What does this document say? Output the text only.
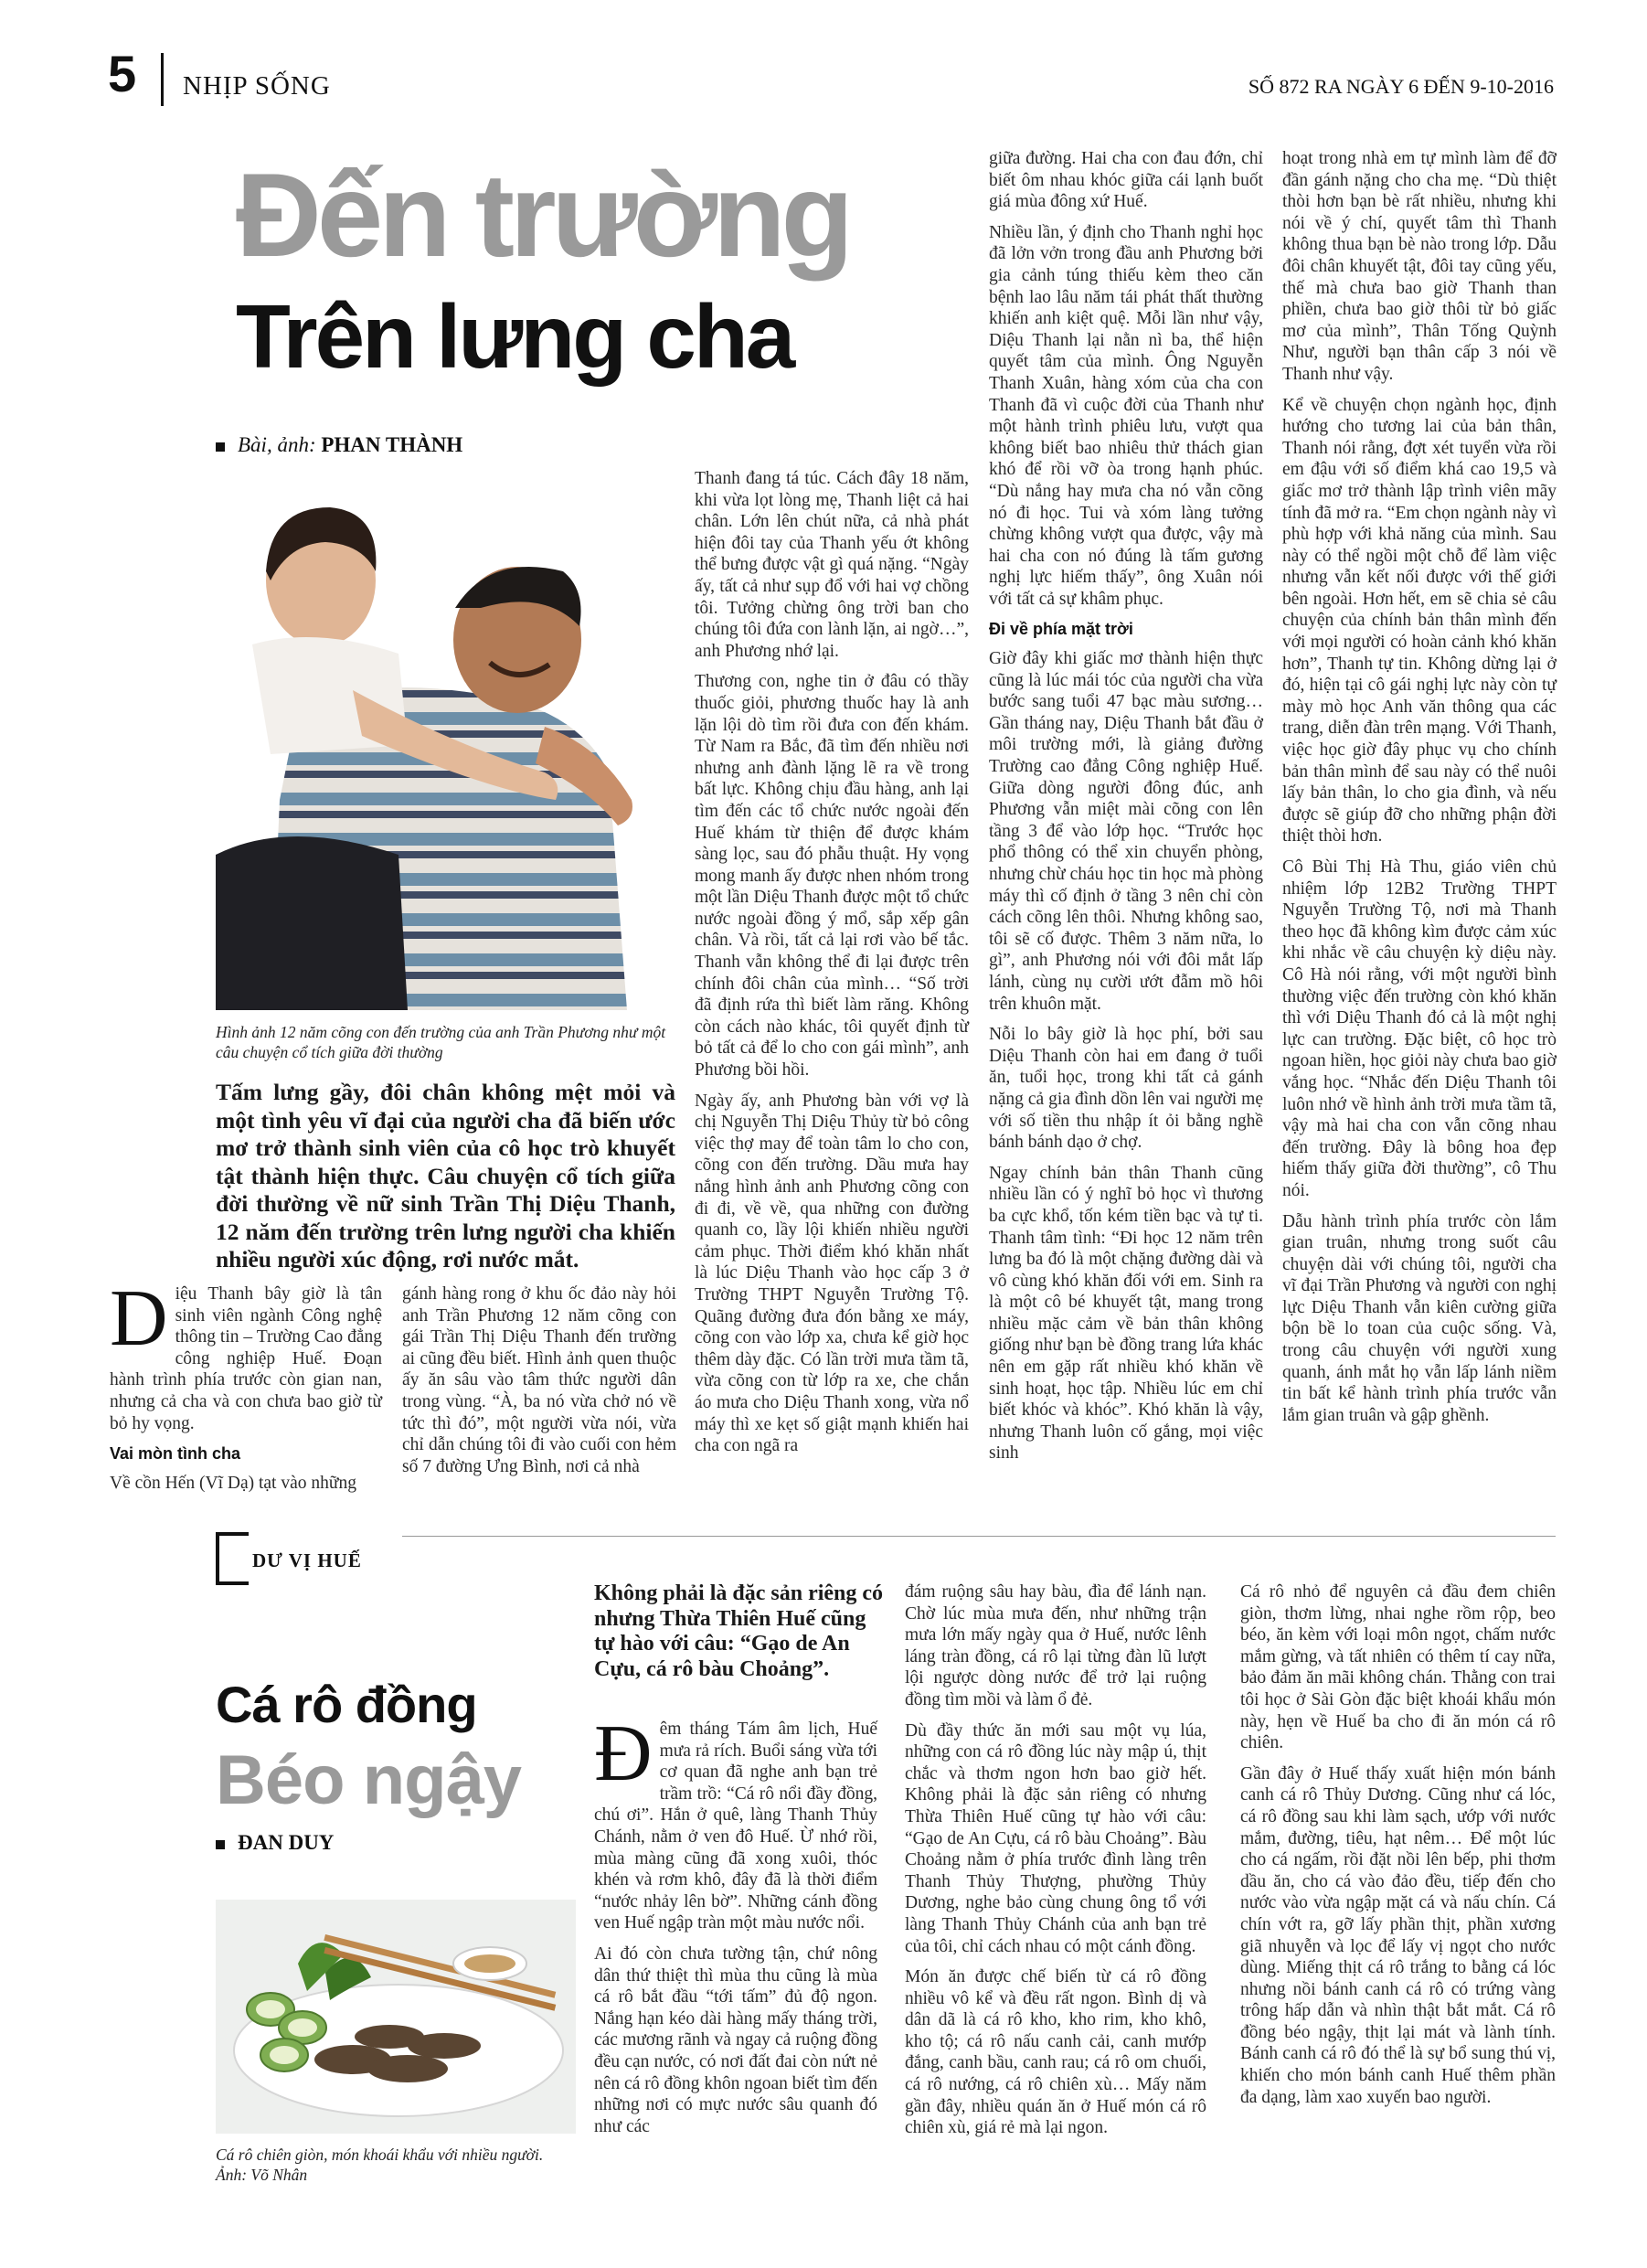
5 NHỊP SỐNG	SỐ 872 RA NGÀY 6 ĐẾN 9-10-2016
Đến trường
Trên lưng cha
Bài, ảnh: PHAN THÀNH
Hình ảnh 12 năm cõng con đến trường của anh Trần Phương như một câu chuyện cổ tích giữa đời thường
Tấm lưng gầy, đôi chân không mệt mỏi và một tình yêu vĩ đại của người cha đã biến ước mơ trở thành sinh viên của cô học trò khuyết tật thành hiện thực. Câu chuyện cổ tích giữa đời thường về nữ sinh Trần Thị Diệu Thanh, 12 năm đến trường trên lưng người cha khiến nhiều người xúc động, rơi nước mắt.

Diệu Thanh bây giờ là tân sinh viên ngành Công nghệ thông tin – Trường Cao đẳng công nghiệp Huế. Đoạn hành trình phía trước còn gian nan, nhưng cả cha và con chưa bao giờ từ bỏ hy vọng.

Vai mòn tình cha

Về cồn Hến (Vĩ Dạ) tạt vào những

gánh hàng rong ở khu ốc đảo này hỏi anh Trần Phương 12 năm cõng con gái Trần Thị Diệu Thanh đến trường ai cũng đều biết. Hình ảnh quen thuộc ấy ăn sâu vào tâm thức người dân trong vùng. “À, ba nó vừa chở nó về tức thì đó”, một người vừa nói, vừa chỉ dẫn chúng tôi đi vào cuối con hẻm số 7 đường Ưng Bình, nơi cả nhà

Thanh đang tá túc. Cách đây 18 năm, khi vừa lọt lòng mẹ, Thanh liệt cả hai chân. Lớn lên chút nữa, cả nhà phát hiện đôi tay của Thanh yếu ớt không thể bưng được vật gì quá nặng. “Ngày ấy, tất cả như sụp đổ với hai vợ chồng tôi. Tưởng chừng ông trời ban cho chúng tôi đứa con lành lặn, ai ngờ…”, anh Phương nhớ lại.

Thương con, nghe tin ở đâu có thầy thuốc giỏi, phương thuốc hay là anh lặn lội dò tìm rồi đưa con đến khám. Từ Nam ra Bắc, đã tìm đến nhiều nơi nhưng anh đành lặng lẽ ra về trong bất lực. Không chịu đầu hàng, anh lại tìm đến các tổ chức nước ngoài đến Huế khám từ thiện để được khám sàng lọc, sau đó phẫu thuật. Hy vọng mong manh ấy được nhen nhóm trong một lần Diệu Thanh được một tổ chức nước ngoài đồng ý mổ, sắp xếp gân chân. Và rồi, tất cả lại rơi vào bế tắc. Thanh vẫn không thể đi lại được trên chính đôi chân của mình… “Số trời đã định rứa thì biết làm răng. Không còn cách nào khác, tôi quyết định từ bỏ tất cả để lo cho con gái mình”, anh Phương bồi hồi.

Ngày ấy, anh Phương bàn với vợ là chị Nguyễn Thị Diệu Thủy từ bỏ công việc thợ may để toàn tâm lo cho con, cõng con đến trường. Dầu mưa hay nắng hình ảnh anh Phương cõng con đi đi, về về, qua những con đường quanh co, lầy lội khiến nhiều người cảm phục. Thời điểm khó khăn nhất là lúc Diệu Thanh vào học cấp 3 ở Trường THPT Nguyễn Trường Tộ. Quãng đường đưa đón bằng xe máy, cõng con vào lớp xa, chưa kể giờ học thêm dày đặc. Có lần trời mưa tầm tã, vừa cõng con từ lớp ra xe, che chắn áo mưa cho Diệu Thanh xong, vừa nổ máy thì xe kẹt số giật mạnh khiến hai cha con ngã ra

giữa đường. Hai cha con đau đớn, chỉ biết ôm nhau khóc giữa cái lạnh buốt giá mùa đông xứ Huế.

Nhiều lần, ý định cho Thanh nghỉ học đã lởn vởn trong đầu anh Phương bởi gia cảnh túng thiếu kèm theo căn bệnh lao lâu năm tái phát thất thường khiến anh kiệt quệ. Mỗi lần như vậy, Diệu Thanh lại nằn nì ba, thể hiện quyết tâm của mình. Ông Nguyễn Thanh Xuân, hàng xóm của cha con Thanh đã vì cuộc đời của Thanh như một hành trình phiêu lưu, vượt qua không biết bao nhiêu thử thách gian khó để rồi vỡ òa trong hạnh phúc. “Dù nắng hay mưa cha nó vẫn cõng nó đi học. Tui và xóm làng tưởng chừng không vượt qua được, vậy mà hai cha con nó đúng là tấm gương nghị lực hiếm thấy”, ông Xuân nói với tất cả sự khâm phục.

Đi về phía mặt trời

Giờ đây khi giấc mơ thành hiện thực cũng là lúc mái tóc của người cha vừa bước sang tuổi 47 bạc màu sương… Gần tháng nay, Diệu Thanh bắt đầu ở môi trường mới, là giảng đường Trường cao đẳng Công nghiệp Huế. Giữa dòng người đông đúc, anh Phương vẫn miệt mài cõng con lên tầng 3 để vào lớp học. “Trước học phổ thông có thể xin chuyển phòng, nhưng chừ cháu học tin học mà phòng máy thì cố định ở tầng 3 nên chỉ còn cách cõng lên thôi. Nhưng không sao, tôi sẽ cố được. Thêm 3 năm nữa, lo gì”, anh Phương nói với đôi mắt lấp lánh, cùng nụ cười ướt đẫm mồ hôi trên khuôn mặt.

Nỗi lo bây giờ là học phí, bởi sau Diệu Thanh còn hai em đang ở tuổi ăn, tuổi học, trong khi tất cả gánh nặng cả gia đình dồn lên vai người mẹ với số tiền thu nhập ít ỏi bằng nghề bánh bánh dạo ở chợ.

Ngay chính bản thân Thanh cũng nhiều lần có ý nghĩ bỏ học vì thương ba cực khổ, tốn kém tiền bạc và tự ti. Thanh tâm tình: “Đi học 12 năm trên lưng ba đó là một chặng đường dài và vô cùng khó khăn đối với em. Sinh ra là một cô bé khuyết tật, mang trong nhiều mặc cảm về bản thân không giống như bạn bè đồng trang lứa khác nên em gặp rất nhiều khó khăn về sinh hoạt, học tập. Nhiều lúc em chỉ biết khóc và khóc”. Khó khăn là vậy, nhưng Thanh luôn cố gắng, mọi việc sinh

hoạt trong nhà em tự mình làm để đỡ đần gánh nặng cho cha mẹ. “Dù thiệt thòi hơn bạn bè rất nhiều, nhưng khi nói về ý chí, quyết tâm thì Thanh không thua bạn bè nào trong lớp. Dẫu đôi chân khuyết tật, đôi tay cũng yếu, thế mà chưa bao giờ Thanh than phiền, chưa bao giờ thôi từ bỏ giấc mơ của mình”, Thân Tống Quỳnh Như, người bạn thân cấp 3 nói về Thanh như vậy.

Kể về chuyện chọn ngành học, định hướng cho tương lai của bản thân, Thanh nói rằng, đợt xét tuyển vừa rồi em đậu với số điểm khá cao 19,5 và giấc mơ trở thành lập trình viên mãy tính đã mở ra. “Em chọn ngành này vì phù hợp với khả năng của mình. Sau này có thể ngồi một chỗ để làm việc nhưng vẫn kết nối được với thế giới bên ngoài. Hơn hết, em sẽ chia sẻ câu chuyện của chính bản thân mình đến với mọi người có hoàn cảnh khó khăn hơn”, Thanh tự tin. Không dừng lại ở đó, hiện tại cô gái nghị lực này còn tự mày mò học Anh văn thông qua các trang, diễn đàn trên mạng. Với Thanh, việc học giờ đây phục vụ cho chính bản thân mình để sau này có thể nuôi lấy bản thân, lo cho gia đình, và nếu được sẽ giúp đỡ cho những phận đời thiệt thòi hơn.

Cô Bùi Thị Hà Thu, giáo viên chủ nhiệm lớp 12B2 Trường THPT Nguyễn Trường Tộ, nơi mà Thanh theo học đã không kìm được cảm xúc khi nhắc về câu chuyện kỳ diệu này. Cô Hà nói rằng, với một người bình thường việc đến trường còn khó khăn thì với Diệu Thanh đó cả là một nghị lực can trường. Đặc biệt, cô học trò ngoan hiền, học giỏi này chưa bao giờ vắng học. “Nhắc đến Diệu Thanh tôi luôn nhớ về hình ảnh trời mưa tầm tã, vậy mà hai cha con vẫn cõng nhau đến trường. Đây là bông hoa đẹp hiếm thấy giữa đời thường”, cô Thu nói.

Dẫu hành trình phía trước còn lắm gian truân, nhưng trong suốt câu chuyện dài với chúng tôi, người cha vĩ đại Trần Phương và người con nghị lực Diệu Thanh vẫn kiên cường giữa bộn bề lo toan của cuộc sống. Và, trong câu chuyện với người xung quanh, ánh mắt họ vẫn lấp lánh niềm tin bất kể hành trình phía trước vẫn lắm gian truân và gập ghềnh.

DƯ VỊ HUẾ
Cá rô đồng
Béo ngậy
ĐAN DUY
Cá rô chiên giòn, món khoái khẩu với nhiều người. Ảnh: Võ Nhân
Không phải là đặc sản riêng có nhưng Thừa Thiên Huế cũng tự hào với câu: “Gạo de An Cựu, cá rô bàu Choảng”.

Đêm tháng Tám âm lịch, Huế mưa rả rích. Buổi sáng vừa tới cơ quan đã nghe anh bạn trẻ trầm trồ: “Cá rô nổi đầy đồng, chú ơi”. Hắn ở quê, làng Thanh Thủy Chánh, nằm ở ven đô Huế. Ừ nhớ rồi, mùa màng cũng đã xong xuôi, thóc khén và rơm khô, đây đã là thời điểm “nước nhảy lên bờ”. Những cánh đồng ven Huế ngập tràn một màu nước nổi.

Ai đó còn chưa tường tận, chứ nông dân thứ thiệt thì mùa thu cũng là mùa cá rô bắt đầu “tới tấm” đủ độ ngon. Nắng hạn kéo dài hàng mấy tháng trời, các mương rãnh và ngay cả ruộng đồng đều cạn nước, có nơi đất đai còn nứt nẻ nên cá rô đồng khôn ngoan biết tìm đến những nơi có mực nước sâu quanh đó như các

đám ruộng sâu hay bàu, đìa để lánh nạn. Chờ lúc mùa mưa đến, như những trận mưa lớn mấy ngày qua ở Huế, nước lênh láng tràn đồng, cá rô lại từng đàn lũ lượt lội ngược dòng nước để trở lại ruộng đồng tìm mồi và làm ổ đẻ.

Dù đầy thức ăn mới sau một vụ lúa, những con cá rô đồng lúc này mập ú, thịt chắc và thơm ngon hơn bao giờ hết. Không phải là đặc sản riêng có nhưng Thừa Thiên Huế cũng tự hào với câu: “Gạo de An Cựu, cá rô bàu Choảng”. Bàu Choảng nằm ở phía trước đình làng trên Thanh Thủy Thượng, phường Thủy Dương, nghe bảo cùng chung ông tổ với làng Thanh Thủy Chánh của anh bạn trẻ của tôi, chỉ cách nhau có một cánh đồng.

Món ăn được chế biến từ cá rô đồng nhiều vô kể và đều rất ngon. Bình dị và dân dã là cá rô kho, kho rim, kho khô, kho tộ; cá rô nấu canh cải, canh mướp đắng, canh bầu, canh rau; cá rô om chuối, cá rô nướng, cá rô chiên xù… Mấy năm gần đây, nhiều quán ăn ở Huế món cá rô chiên xù, giá rẻ mà lại ngon.

Cá rô nhỏ để nguyên cả đầu đem chiên giòn, thơm lừng, nhai nghe rồm rộp, beo béo, ăn kèm với loại môn ngọt, chấm nước mắm gừng, và tất nhiên có thêm tí cay nữa, bảo đảm ăn mãi không chán. Thằng con trai tôi học ở Sài Gòn đặc biệt khoái khẩu món này, hẹn về Huế ba cho đi ăn món cá rô chiên.

Gần đây ở Huế thấy xuất hiện món bánh canh cá rô Thủy Dương. Cũng như cá lóc, cá rô đồng sau khi làm sạch, ướp với nước mắm, đường, tiêu, hạt nêm… Để một lúc cho cá ngấm, rồi đặt nồi lên bếp, phi thơm dầu ăn, cho cá vào đảo đều, tiếp đến cho nước vào vừa ngập mặt cá và nấu chín. Cá chín vớt ra, gỡ lấy phần thịt, phần xương giã nhuyễn và lọc để lấy vị ngọt cho nước dùng. Miếng thịt cá rô trắng to bằng cá lóc nhưng nồi bánh canh cá rô có trứng vàng trông hấp dẫn và nhìn thật bắt mắt. Cá rô đồng béo ngậy, thịt lại mát và lành tính. Bánh canh cá rô đó thể là sự bổ sung thú vị, khiến cho món bánh canh Huế thêm phần đa dạng, làm xao xuyến bao người.
